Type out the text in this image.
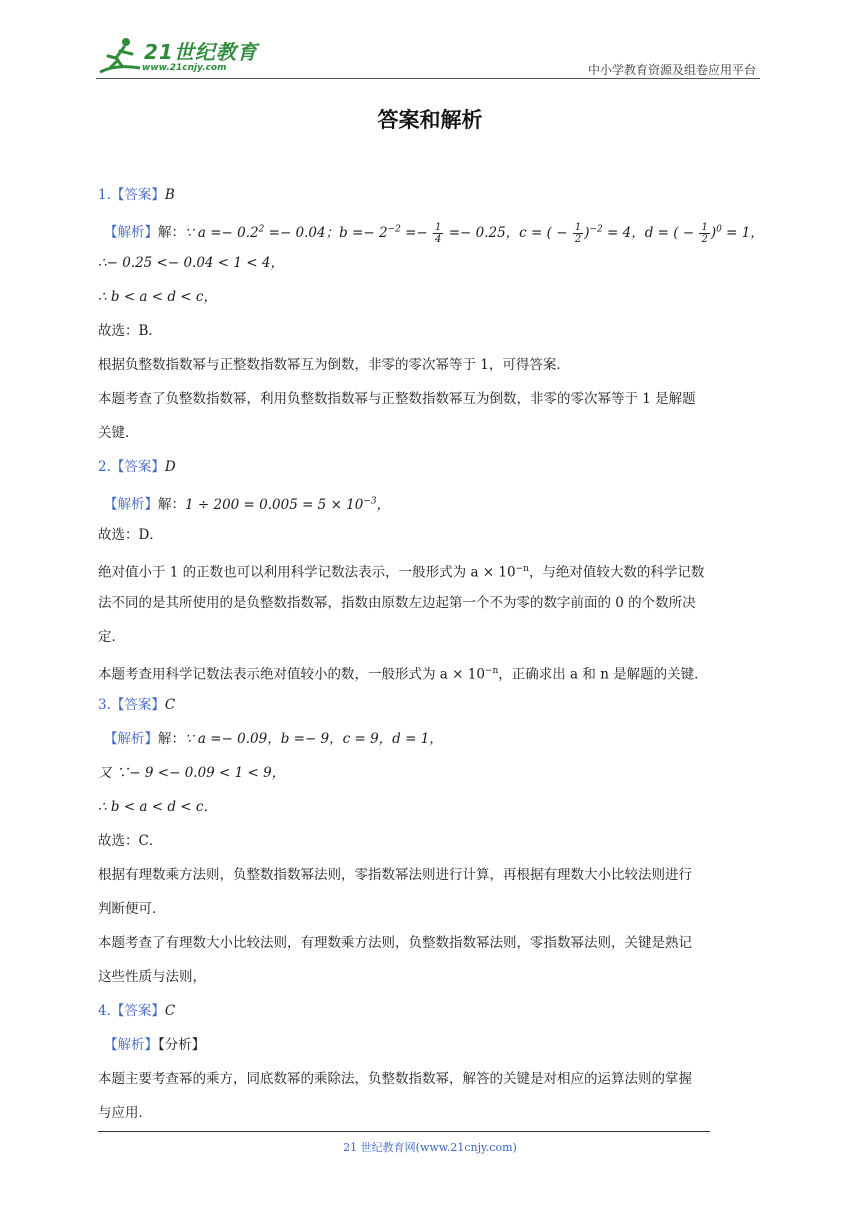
21世纪教育
www.21cnjy.com	中小学教育资源及组卷应用平台
答案和解析
1.【答案】B
【解析】解：∵ $a =- 0.2^2 =- 0.04$；$b =- 2^{-2} =- \frac{1}{4} =- 0.25$，c = ( − $\frac{1}{2} )^{-2} = 4$，d = ( − $\frac{1}{2} )^0 = 1$，
∴− 0.25 <− 0.04 < 1 < 4，
∴ b < a < d < c，
故选：B．
根据负整数指数幂与正整数指数幂互为倒数，非零的零次幂等于 1，可得答案．
本题考查了负整数指数幂，利用负整数指数幂与正整数指数幂互为倒数，非零的零次幂等于 1 是解题
关键．
2.【答案】D
【解析】解：$1 \div 200 = 0.005 = 5 \times 10^{-3}$，
故选：D．
绝对值小于 1 的正数也可以利用科学记数法表示，一般形式为 $a \times 10^{-n}$，与绝对值较大数的科学记数
法不同的是其所使用的是负整数指数幂，指数由原数左边起第一个不为零的数字前面的 0 的个数所决
定．
本题考查用科学记数法表示绝对值较小的数，一般形式为 $a \times 10^{-n}$，正确求出 a 和 n 是解题的关键．
3.【答案】C
【解析】解：∵ a =− 0.09，b =− 9，c = 9，d = 1，
又 ∵− 9 <− 0.09 < 1 < 9，
∴ b < a < d < c．
故选：C．
根据有理数乘方法则，负整数指数幂法则，零指数幂法则进行计算，再根据有理数大小比较法则进行
判断便可．
本题考查了有理数大小比较法则，有理数乘方法则，负整数指数幂法则，零指数幂法则，关键是熟记
这些性质与法则，
4.【答案】C
【解析】【分析】
本题主要考查幂的乘方，同底数幂的乘除法，负整数指数幂，解答的关键是对相应的运算法则的掌握
与应用．
21 世纪教育网(www.21cnjy.com)
